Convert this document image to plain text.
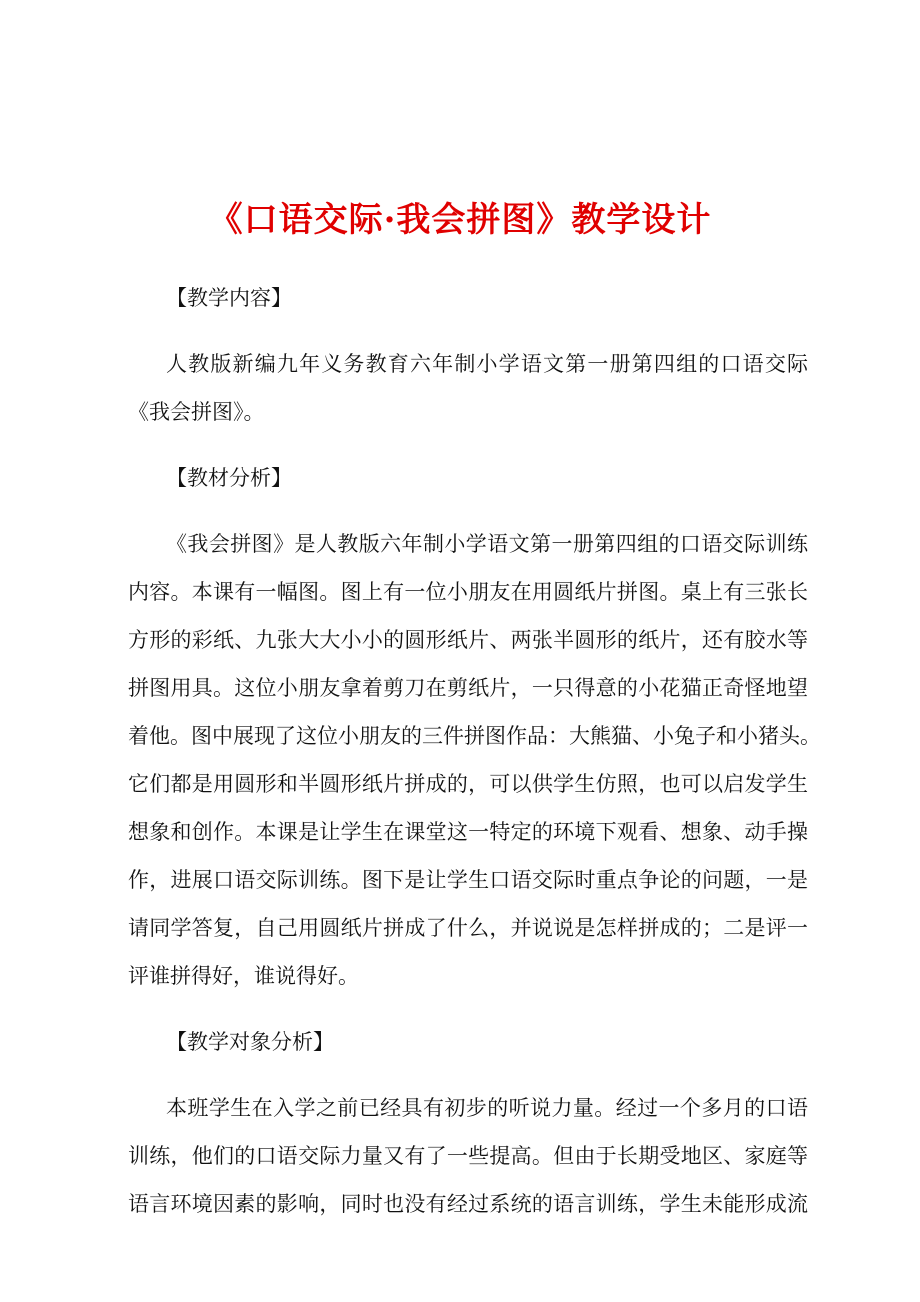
《口语交际·我会拼图》教学设计
【教学内容】
人教版新编九年义务教育六年制小学语文第一册第四组的口语交际
《我会拼图》。
【教材分析】
《我会拼图》是人教版六年制小学语文第一册第四组的口语交际训练
内容。本课有一幅图。图上有一位小朋友在用圆纸片拼图。桌上有三张长
方形的彩纸、九张大大小小的圆形纸片、两张半圆形的纸片，还有胶水等
拼图用具。这位小朋友拿着剪刀在剪纸片，一只得意的小花猫正奇怪地望
着他。图中展现了这位小朋友的三件拼图作品：大熊猫、小兔子和小猪头。
它们都是用圆形和半圆形纸片拼成的，可以供学生仿照，也可以启发学生
想象和创作。本课是让学生在课堂这一特定的环境下观看、想象、动手操
作，进展口语交际训练。图下是让学生口语交际时重点争论的问题，一是
请同学答复，自己用圆纸片拼成了什么，并说说是怎样拼成的；二是评一
评谁拼得好，谁说得好。
【教学对象分析】
本班学生在入学之前已经具有初步的听说力量。经过一个多月的口语
训练，他们的口语交际力量又有了一些提高。但由于长期受地区、家庭等
语言环境因素的影响，同时也没有经过系统的语言训练，学生未能形成流
